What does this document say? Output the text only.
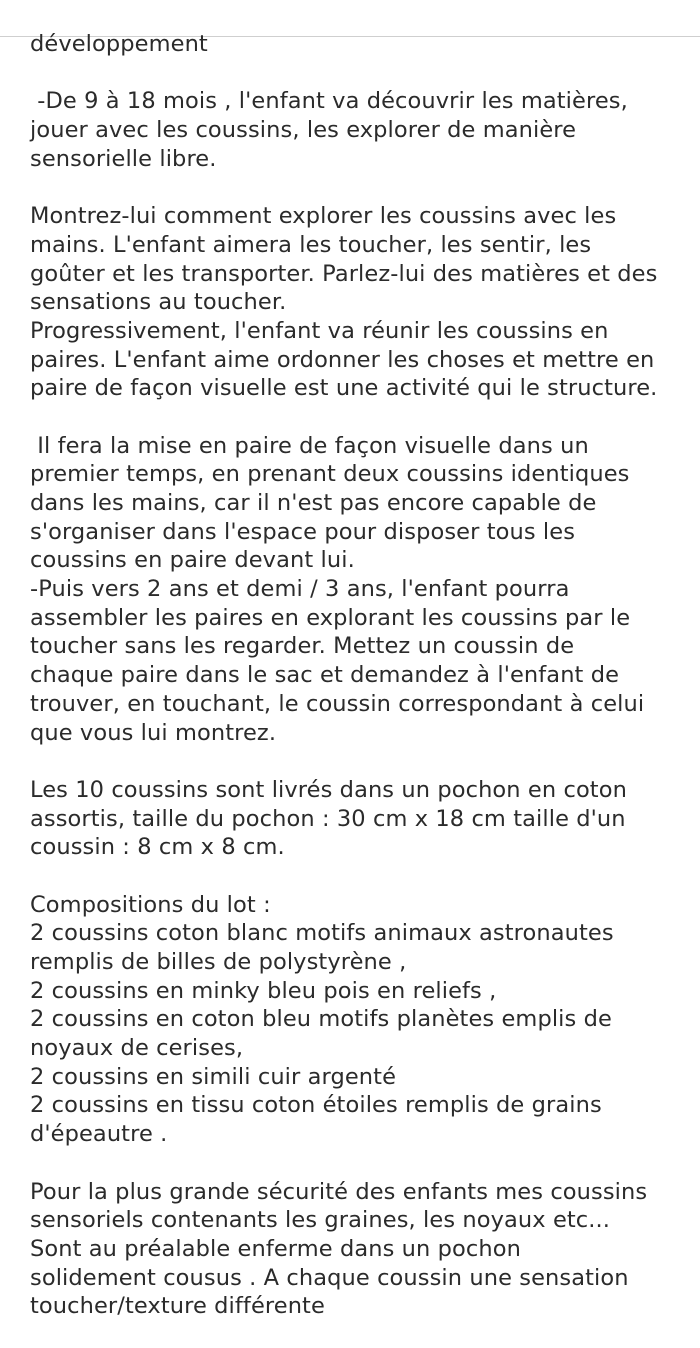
développement
-De 9 à 18 mois , l'enfant va découvrir les matières,
jouer avec les coussins, les explorer de manière
sensorielle libre.
Montrez-lui comment explorer les coussins avec les
mains. L'enfant aimera les toucher, les sentir, les
goûter et les transporter. Parlez-lui des matières et des
sensations au toucher.
Progressivement, l'enfant va réunir les coussins en
paires. L'enfant aime ordonner les choses et mettre en
paire de façon visuelle est une activité qui le structure.
Il fera la mise en paire de façon visuelle dans un
premier temps, en prenant deux coussins identiques
dans les mains, car il n'est pas encore capable de
s'organiser dans l'espace pour disposer tous les
coussins en paire devant lui.
-Puis vers 2 ans et demi / 3 ans, l'enfant pourra
assembler les paires en explorant les coussins par le
toucher sans les regarder. Mettez un coussin de
chaque paire dans le sac et demandez à l'enfant de
trouver, en touchant, le coussin correspondant à celui
que vous lui montrez.
Les 10 coussins sont livrés dans un pochon en coton
assortis, taille du pochon : 30 cm x 18 cm taille d'un
coussin : 8 cm x 8 cm.
Compositions du lot :
2 coussins coton blanc motifs animaux astronautes
remplis de billes de polystyrène ,
2 coussins en minky bleu pois en reliefs ,
2 coussins en coton bleu motifs planètes emplis de
noyaux de cerises,
2 coussins en simili cuir argenté
2 coussins en tissu coton étoiles remplis de grains
d'épeautre .
Pour la plus grande sécurité des enfants mes coussins
sensoriels contenants les graines, les noyaux etc...
Sont au préalable enferme dans un pochon
solidement cousus . A chaque coussin une sensation
toucher/texture différente
